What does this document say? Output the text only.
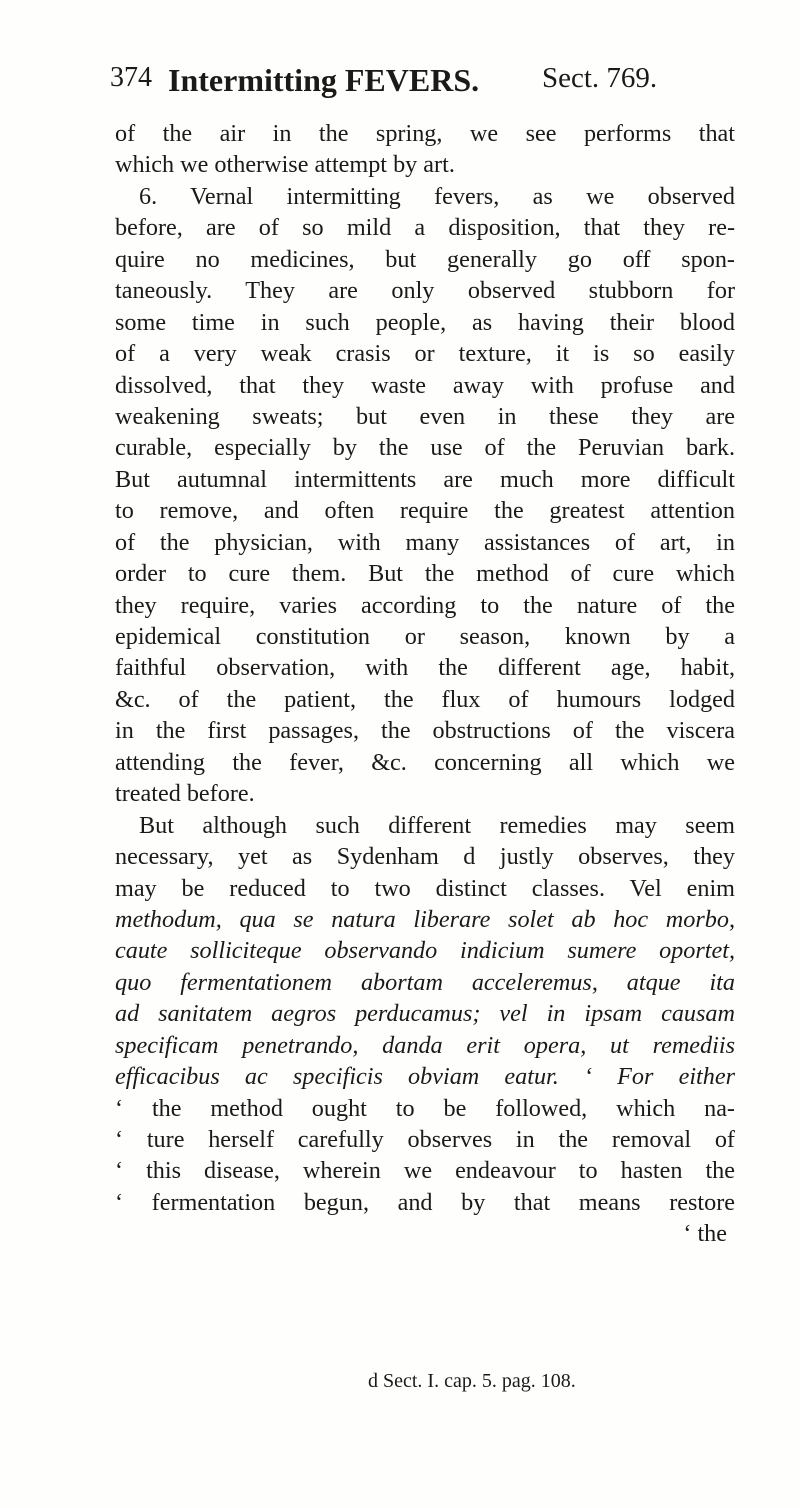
374 Intermitting FEVERS. Sect. 769.
of the air in the spring, we see performs that
which we otherwise attempt by art.
6. Vernal intermitting fevers, as we observed
before, are of so mild a disposition, that they re-
quire no medicines, but generally go off spon-
taneously. They are only observed stubborn for
some time in such people, as having their blood
of a very weak crasis or texture, it is so easily
dissolved, that they waste away with profuse and
weakening sweats; but even in these they are
curable, especially by the use of the Peruvian bark.
But autumnal intermittents are much more difficult
to remove, and often require the greatest attention
of the physician, with many assistances of art, in
order to cure them. But the method of cure which
they require, varies according to the nature of the
epidemical constitution or season, known by a
faithful observation, with the different age, habit,
&c. of the patient, the flux of humours lodged
in the first passages, the obstructions of the viscera
attending the fever, &c. concerning all which we
treated before.
But although such different remedies may seem
necessary, yet as Sydenham d justly observes, they
may be reduced to two distinct classes. Vel enim
methodum, qua se natura liberare solet ab hoc morbo,
caute solliciteque observando indicium sumere oportet,
quo fermentationem abortam acceleremus, atque ita
ad sanitatem aegros perducamus; vel in ipsam causam
specificam penetrando, danda erit opera, ut remediis
efficacibus ac specificis obviam eatur. ‘ For either
‘ the method ought to be followed, which na-
‘ ture herself carefully observes in the removal of
‘ this disease, wherein we endeavour to hasten the
‘ fermentation begun, and by that means restore
‘ the
d Sect. I. cap. 5. pag. 108.
